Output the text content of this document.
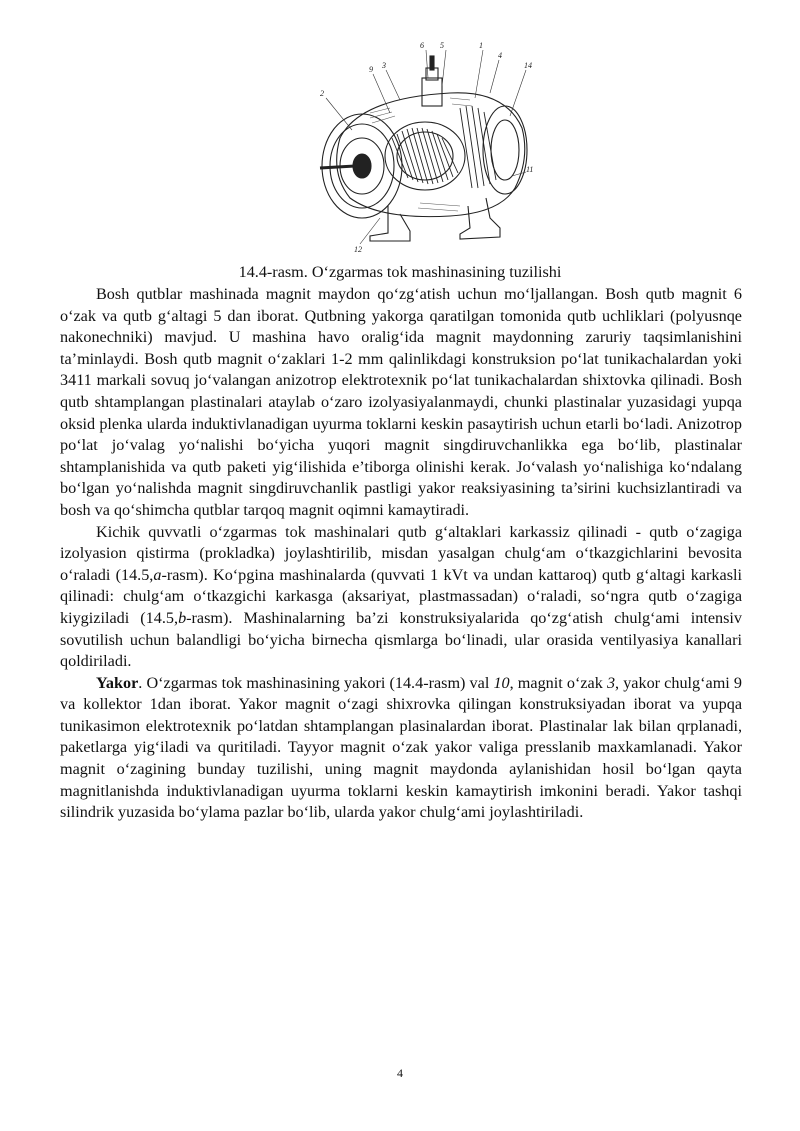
6 5	1
4
14
3
9
2
11
12
14.4-rasm. O‘zgarmas tok mashinasining tuzilishi

Bosh qutblar mashinada magnit maydon qo‘zg‘atish uchun mo‘ljallangan. Bosh qutb magnit 6 o‘zak va qutb g‘altagi 5 dan iborat. Qutbning yakorga qaratilgan tomonida qutb uchliklari (polyusnqe nakonechniki) mavjud. U mashina havo oralig‘ida magnit maydonning zaruriy taqsimlanishini ta’minlaydi. Bosh qutb magnit o‘zaklari 1-2 mm qalinlikdagi konstruksion po‘lat tunikachalardan yoki 3411 markali sovuq jo‘valangan anizotrop elektrotexnik po‘lat tunikachalardan shixtovka qilinadi. Bosh qutb shtamplangan plastinalari ataylab o‘zaro izolyasiyalanmaydi, chunki plastinalar yuzasidagi yupqa oksid plenka ularda induktivlanadigan uyurma toklarni keskin pasaytirish uchun etarli bo‘ladi. Anizotrop po‘lat jo‘valag yo‘nalishi bo‘yicha yuqori magnit singdiruvchanlikka ega bo‘lib, plastinalar shtamplanishida va qutb paketi yig‘ilishida e’tiborga olinishi kerak. Jo‘valash yo‘nalishiga ko‘ndalang bo‘lgan yo‘nalishda magnit singdiruvchanlik pastligi yakor reaksiyasining ta’sirini kuchsizlantiradi va bosh va qo‘shimcha qutblar tarqoq magnit oqimni kamaytiradi.

Kichik quvvatli o‘zgarmas tok mashinalari qutb g‘altaklari karkassiz qilinadi - qutb o‘zagiga izolyasion qistirma (prokladka) joylashtirilib, misdan yasalgan chulg‘am o‘tkazgichlarini bevosita o‘raladi (14.5,a-rasm). Ko‘pgina mashinalarda (quvvati 1 kVt va undan kattaroq) qutb g‘altagi karkasli qilinadi: chulg‘am o‘tkazgichi karkasga (aksariyat, plastmassadan) o‘raladi, so‘ngra qutb o‘zagiga kiygiziladi (14.5,b-rasm). Mashinalarning ba’zi konstruksiyalarida qo‘zg‘atish chulg‘ami intensiv sovutilish uchun balandligi bo‘yicha birnecha qismlarga bo‘linadi, ular orasida ventilyasiya kanallari qoldiriladi.

Yakor. O‘zgarmas tok mashinasining yakori (14.4-rasm) val 10, magnit o‘zak 3, yakor chulg‘ami 9 va kollektor 1dan iborat. Yakor magnit o‘zagi shixrovka qilingan konstruksiyadan iborat va yupqa tunikasimon elektrotexnik po‘latdan shtamplangan plasinalardan iborat. Plastinalar lak bilan qrplanadi, paketlarga yig‘iladi va quritiladi. Tayyor magnit o‘zak yakor valiga presslanib maxkamlanadi. Yakor magnit o‘zagining bunday tuzilishi, uning magnit maydonda aylanishidan hosil bo‘lgan qayta magnitlanishda induktivlanadigan uyurma toklarni keskin kamaytirish imkonini beradi. Yakor tashqi silindrik yuzasida bo‘ylama pazlar bo‘lib, ularda yakor chulg‘ami joylashtiriladi.

4
